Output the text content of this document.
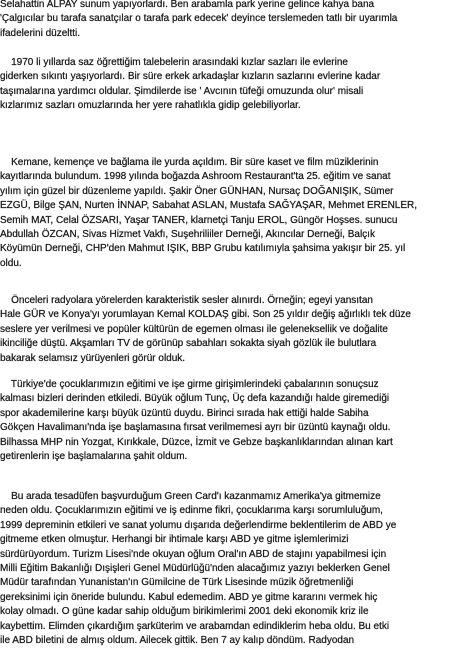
Selahattin ALPAY sunum yapıyorlardı. Ben arabamla park yerine gelince kahya bana
'Çalgıcılar bu tarafa sanatçılar o tarafa park edecek' deyince terslemeden tatlı bir uyarımla
ifadelerini düzeltti.
1970 li yıllarda saz öğrettiğim talebelerin arasındaki kızlar sazları ile evlerine
giderken sıkıntı yaşıyorlardı. Bir süre erkek arkadaşlar kızların sazlarını evlerine kadar
taşımalarına yardımcı oldular. Şimdilerde ise ' Avcının tüfeği omuzunda olur' misali
kızlarımız sazları omuzlarında her yere rahatlıkla gidip gelebiliyorlar.
Kemane, kemençe ve bağlama ile yurda açıldım. Bir süre kaset ve film müziklerinin
kayıtlarında bulundum. 1998 yılında boğazda Ashroom Restaurant'ta 25. eğitim ve sanat
yılım için güzel bir düzenleme yapıldı. Şakir Öner GÜNHAN, Nursaç DOĞANIŞIK, Sümer
EZGÜ, Bilge ŞAN, Nurten İNNAP, Sabahat ASLAN, Mustafa SAĞYAŞAR, Mehmet ERENLER,
Semih MAT, Celal ÖZSARI, Yaşar TANER, klarnetçi Tanju EROL, Güngör Hoşses. sunucu
Abdullah ÖZCAN, Sivas Hizmet Vakfı, Suşehriliiler Derneği, Akıncılar Derneği, Balçık
Köyümün Derneği, CHP'den Mahmut IŞIK, BBP Grubu katılımıyla şahsima yakışır bir 25. yıl
oldu.
Önceleri radyolara yörelerden karakteristik sesler alınırdı. Örneğin; egeyi yansıtan
Hale GÜR ve Konya'yı yorumlayan Kemal KOLDAŞ gibi. Son 25 yıldır değiş ağırlıklı tek düze
seslere yer verilmesi ve popüler kültürün de egemen olması ile geleneksellik ve doğalite
ikinciliğe düştü. Akşamları TV de görünüp sabahları sokakta siyah gözlük ile bulutlara
bakarak selamsız yürüyenleri görür olduk.
Türkiye'de çocuklarımızın eğitimi ve işe girme girişimlerindeki çabalarının sonuçsuz
kalması bizleri derinden etkiledi. Büyük oğlum Tunç, Üç defa kazandığı halde giremediği
spor akademilerine karşı büyük üzüntü duydu. Birinci sırada hak ettiği halde Sabiha
Gökçen Havalimanı'nda işe başlamasına fırsat verilmemesi ayrı bir üzüntü kaynağı oldu.
Bilhassa MHP nin Yozgat, Kırıkkale, Düzce, İzmit ve Gebze başkanlıklarından alınan kart
getirenlerin işe başlamalarına şahit oldum.
Bu arada tesadüfen başvurduğum Green Card'ı kazanmamız Amerika'ya gitmemize
neden oldu. Çocuklarımızın eğitimi ve iş edinme fikri, çocuklarıma karşı sorumluluğum,
1999 depreminin etkileri ve sanat yolumu dışarıda değerlendirme beklentilerim de ABD ye
gitmeme etken olmuştur. Herhangi bir ihtimale karşı ABD ye gitme işlemlerimizi
sürdürüyordum. Turizm Lisesi'nde okuyan oğlum Oral'ın ABD de stajını yapabilmesi için
Milli Eğitim Bakanlığı Dışişleri Genel Müdürlüğü'nden alacağımız yazıyı beklerken Genel
Müdür tarafından Yunanistan'ın Gümilcine de Türk Lisesinde müzik öğretmenliği
gereksinimi için öneride bulundu. Kabul edemedim. ABD ye gitme kararını vermek hiç
kolay olmadı. O güne kadar sahip olduğum birikimlerimi 2001 deki ekonomik kriz ile
kaybettim. Elimden çıkardığım şarküterim ve arabamdan edindiklerim heba oldu. Bu etki
ile ABD biletini de almış oldum. Ailecek gittik. Ben 7 ay kalıp döndüm. Radyodan
